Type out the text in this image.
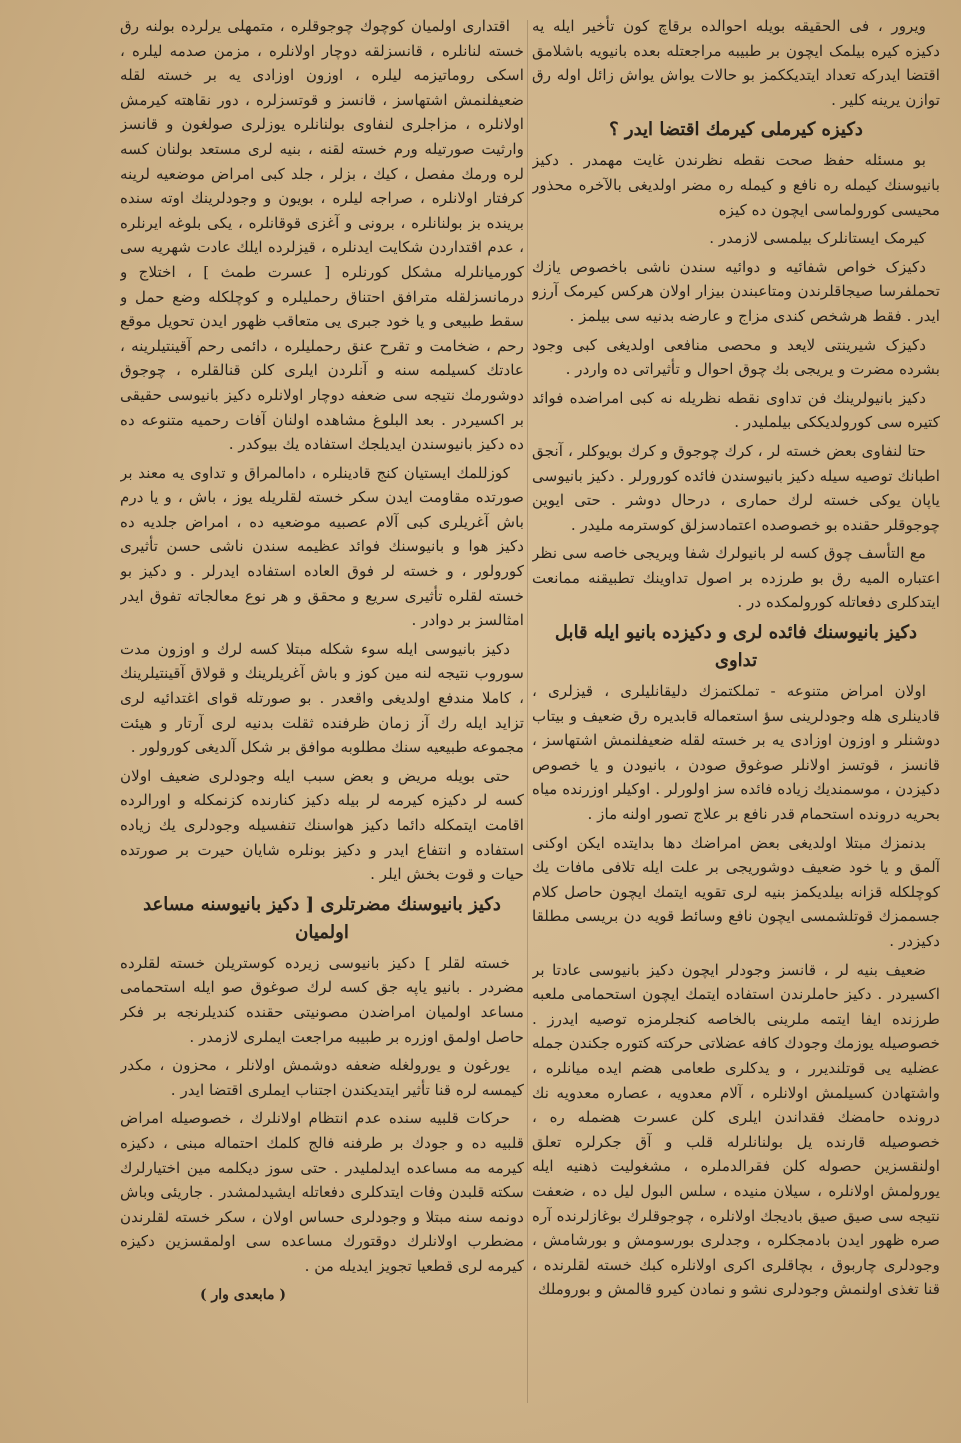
ویرور ، فی الحقیقه بویله احوالده برقاچ کون تأخیر ایله یه دکیزه کیره بیلمک ایچون بر طبیبه مراجعتله بعده بانیویه باشلامق اقتضا ایدرکه تعداد ایتدیککمز بو حالات یواش یواش زائل اوله رق توازن یرینه کلیر .

دکیزه کیرملی کیرمك اقتضا ایدر ؟

بو مسئله حفظ صحت نقطه نظرندن غایت مهمدر . دکیز بانیوسنك کیمله ره نافع و کیمله ره مضر اولدیغی بالآخره محذور محیسی کورولماسی ایچون ده کیزه

کیرمک ایستانلرک بیلمسی لازمدر .

دکیزک خواص شفائیه و دوائیه سندن ناشی باخصوص یازك تحملفرسا صیجاقلرندن ومتاعبندن بیزار اولان هرکس کیرمک آرزو ایدر . فقط هرشخص کندی مزاج و عارضه بدنیه سی بیلمز .

دکیزک شیرینتی لایعد و محصی منافعی اولدیغی کبی وجود بشرده مضرت و یریجی بك چوق احوال و تأثیراتی ده واردر .

دکیز بانیولرینك فن تداوی نقطه نظریله نه کبی امراضده فوائد کتیره سی کورولدیککی بیلملیدر .

حتا لنفاوی بعض خسته لر ، کرك چوجوق و کرك بویوکلر ، آنجق اطبانك توصیه سیله دکیز بانیوسندن فائده کورورلر . دکیز بانیوسی یاپان یوکی خسته لرك حماری ، درحال دوشر . حتی ایوین چوجوقلر حقنده بو خصوصده اعتمادسزلق کوسترمه ملیدر .

مع التأسف چوق کسه لر بانیولرك شفا ویریجی خاصه سی نظر اعتباره المیه رق بو طرزده بر اصول تداوینك تطبیقنه ممانعت ایتدکلری دفعاتله کورولمکده در .

دکیز بانیوسنك فائده لری و دکیزده بانیو ایله قابل تداوی

اولان امراض متنوعه - تملکتمزك دلیقانلیلری ، قیزلری ، قادینلری هله وجودلرینی سؤ استعماله قابدیره رق ضعیف و بیتاب دوشنلر و اوزون اوزادی یه بر خسته لقله ضعیفلنمش اشتهاسز ، قانسز ، قوتسز اولانلر صوغوق صودن ، بانیودن و یا خصوص دکیزدن ، موسمندیك زیاده فائده سز اولورلر . اوکیلر اوزرنده میاه بحریه درونده استحمام قدر نافع بر علاج تصور اولنه ماز .

بدنمزك مبتلا اولدیغی بعض امراضك دها بدایتده ایکن اوکنی آلمق و یا خود ضعیف دوشوریجی بر علت ایله تلافی مافات یك کوچلکله قزانه بیلدیکمز بنیه لری تقویه ایتمك ایچون حاصل کلام جسممزك قوتلشمسی ایچون نافع وسائط قویه دن بریسی مطلقا دکیزدر .

ضعیف بنیه لر ، قانسز وجودلر ایچون دکیز بانیوسی عادتا بر اکسیردر . دکیز حاملرندن استفاده ایتمك ایچون استحمامی ملعبه طرزنده ایفا ایتمه ملرینی بالخاصه کنجلرمزه توصیه ایدرز . خصوصیله یوزمك وجودك کافه عضلاتی حرکته کتوره جکندن جمله عضلیه یی قوتلندیرر ، و یدکلری طعامی هضم ایده میانلره ، واشتهادن کسیلمش اولانلره ، آلام معدویه ، عصاره معدویه نك درونده حامضك فقداندن ایلری کلن عسرت هضمله ره ، خصوصیله قارنده یل بولنانلرله قلب و آق جکرلره تعلق اولنقسزین حصوله کلن فقرالدملره ، مشغولیت ذهنیه ایله یورولمش اولانلره ، سیلان منیده ، سلس البول لیل ده ، ضعفت نتیجه سی صیق صیق بادیجك اولانلره ، چوجوقلرك بوغازلرنده آره صره ظهور ایدن بادمجکلره ، وجدلری بورسومش و بورشامش ، وجودلری چاربوق ، بچاقلری اکری اولانلره کبك خسته لقلرنده ، قنا تغذی اولنمش وجودلری نشو و نمادن کیرو قالمش و بوروملك

اقتداری اولمیان کوچوك چوجوقلره ، متمهلی یرلرده بولنه رق خسته لنانلره ، قانسزلقه دوچار اولانلره ، مزمن صدمه لیلره ، اسکی روماتیزمه لیلره ، اوزون اوزادی یه بر خسته لقله ضعیفلنمش اشتهاسز ، قانسز و قوتسزلره ، دور نقاهته کیرمش اولانلره ، مزاجلری لنفاوی بولنانلره یوزلری صولغون و قانسز وارثیت صورتیله ورم خسته لقنه ، بنیه لری مستعد بولنان کسه لره ورمك مفصل ، کیك ، بزلر ، جلد کبی امراض موضعیه لرینه کرفتار اولانلره ، صراجه لیلره ، بویون و وجودلرینك اوته سنده برینده بز بولنانلره ، برونی و آغزی قوقانلره ، یکی بلوغه ایرنلره ، عدم اقتداردن شکایت ایدنلره ، قیزلرده ایلك عادت شهریه سی کورمیانلرله مشکل کورنلره [ عسرت طمث ] ، اختلاج و درمانسزلقله مترافق احتناق رحملیلره و کوچلکله وضع حمل و سقط طبیعی و یا خود جبری یی متعاقب ظهور ایدن تحویل موقع رحم ، ضخامت و تقرح عنق رحملیلره ، دائمی رحم آقینتیلرینه ، عادتك کسیلمه سنه و آنلردن ایلری کلن قنالقلره ، چوجوق دوشورمك نتیجه سی ضعفه دوچار اولانلره دکیز بانیوسی حقیقی بر اکسیردر . بعد البلوغ مشاهده اولنان آفات رحمیه متنوعه ده ده دکیز بانیوسندن ایدیلجك استفاده یك بیوکدر .

کوزللمك ایستیان کنج قادینلره ، دامالمراق و تداوی یه معند بر صورتده مقاومت ایدن سکر خسته لقلریله یوز ، باش ، و یا درم باش آغریلری کبی آلام عصبیه موضعیه ده ، امراض جلدیه ده دکیز هوا و بانیوسنك فوائد عظیمه سندن ناشی حسن تأثیری کورولور ، و خسته لر فوق العاده استفاده ایدرلر . و دکیز بو خسته لقلره تأثیری سریع و محقق و هر نوع معالجاته تفوق ایدر امثالسز بر دوادر .

دکیز بانیوسی ایله سوء شکله مبتلا کسه لرك و اوزون مدت سوروب نتیجه لنه مین کوز و باش آغریلرینك و قولاق آقینتیلرینك ، کاملا مندفع اولدیغی واقعدر . بو صورتله قوای اغتدائیه لری تزاید ایله رك آز زمان ظرفنده ثقلت بدنیه لری آرتار و هیئت مجموعه طبیعیه سنك مطلوبه موافق بر شکل آلدیغی کورولور .

حتی بویله مریض و بعض سبب ایله وجودلری ضعیف اولان کسه لر دکیزه کیرمه لر بیله دکیز کنارنده کزنمکله و اورالرده اقامت ایتمکله دائما دکیز هواسنك تنفسیله وجودلری یك زیاده استفاده و انتفاع ایدر و دکیز بونلره شایان حیرت بر صورتده حیات و قوت بخش ایلر .

دکیز بانیوسنك مضرتلری [ دکیز بانیوسنه مساعد اولمیان

خسته لقلر ] دکیز بانیوسی زیرده کوستریلن خسته لقلرده مضردر . بانیو یاپه جق کسه لرك صوغوق صو ایله استحمامی مساعد اولمیان امراضدن مصونیتی حقنده کندیلرنجه بر فکر حاصل اولمق اوزره بر طبیبه مراجعت ایملری لازمدر .

یورغون و یورولغله ضعفه دوشمش اولانلر ، محزون ، مکدر کیمسه لره قنا تأثیر ایتدیکندن اجتناب ایملری اقتضا ایدر .

حرکات قلبیه سنده عدم انتظام اولانلرك ، خصوصیله امراض قلبیه ده و جودك بر طرفنه فالج کلمك احتماله مبنی ، دکیزه کیرمه مه مساعده ایدلملیدر . حتی سوز دیکلمه مین اختیارلرك سکته قلبدن وفات ایتدکلری دفعاتله ایشیدلمشدر . جاریئی وباش دونمه سنه مبتلا و وجودلری حساس اولان ، سکر خسته لقلرندن مضطرب اولانلرك دوقتورك مساعده سی اولمقسزین دکیزه کیرمه لری قطعیا تجویز ایدیله من .

( مابعدی وار )
